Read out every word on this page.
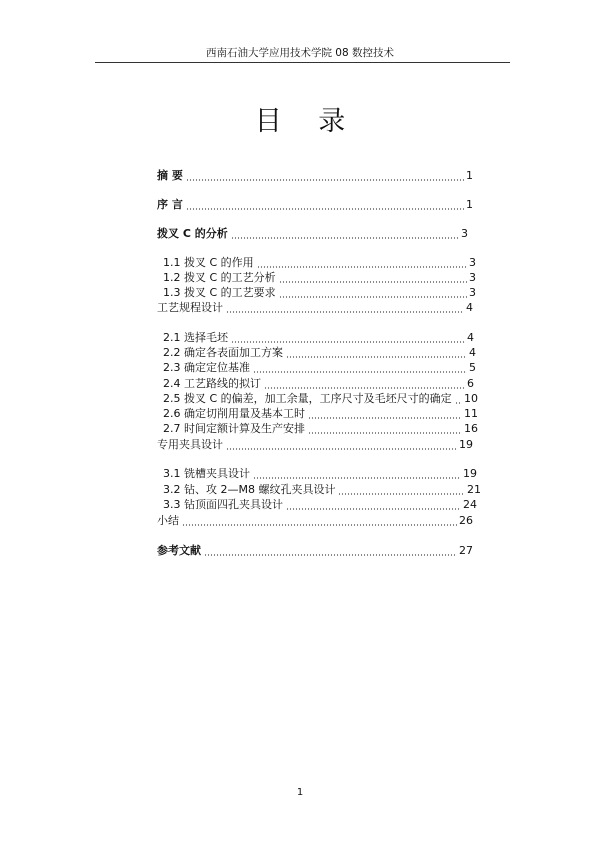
西南石油大学应用技术学院 08 数控技术
目 录
摘 要	1
序 言	1
拨叉 C 的分析	3
1.1 拨叉 C 的作用	3
1.2 拨叉 C 的工艺分析	3
1.3 拨叉 C 的工艺要求	3
工艺规程设计	4
2.1 选择毛坯	4
2.2 确定各表面加工方案	4
2.3 确定定位基准	5
2.4 工艺路线的拟订	6
2.5 拨叉 C 的偏差，加工余量，工序尺寸及毛坯尺寸的确定 10
2.6 确定切削用量及基本工时	11
2.7 时间定额计算及生产安排	16
专用夹具设计	19
3.1 铣槽夹具设计	19
3.2 钻、攻 2—M8 螺纹孔夹具设计	21
3.3 钻顶面四孔夹具设计	24
小结	26
参考文献	27
1
